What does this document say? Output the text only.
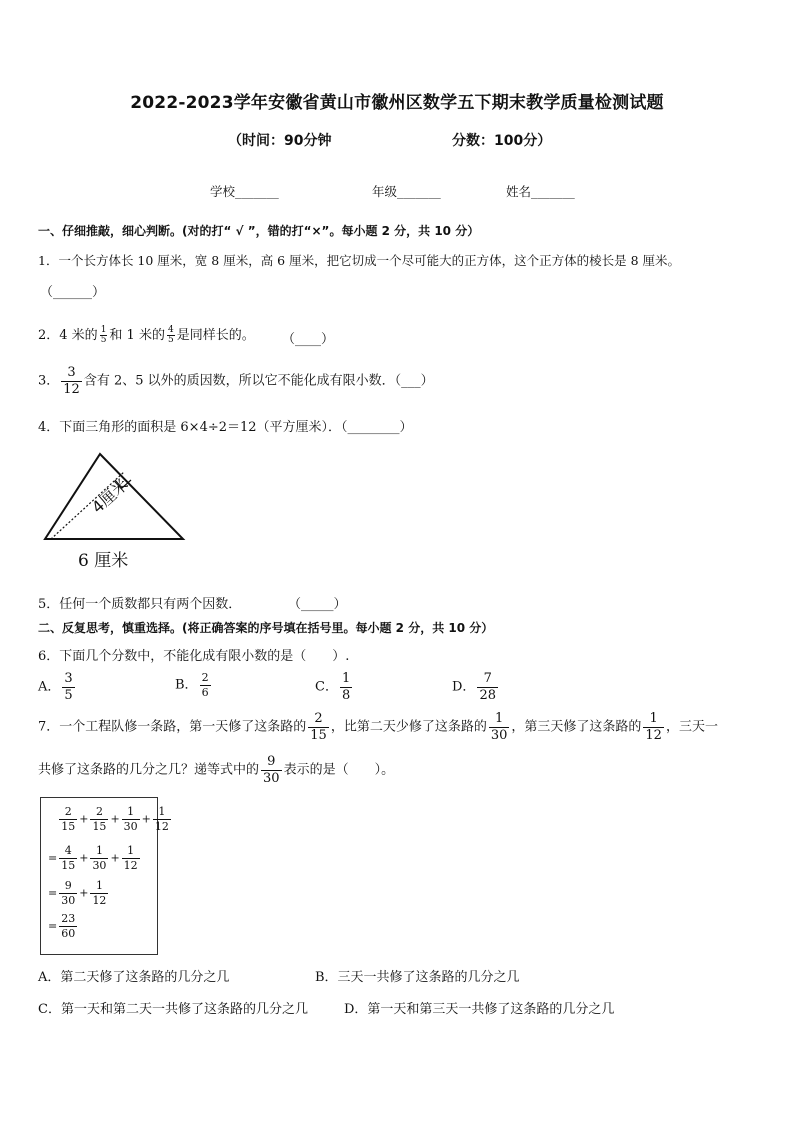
2022-2023学年安徽省黄山市徽州区数学五下期末教学质量检测试题
（时间：90分钟	分数：100分）
学校_______	年级_______	姓名_______
一、仔细推敲，细心判断。(对的打“ √ ”，错的打“×”。每小题 2 分，共 10 分）
1．一个长方体长 10 厘米，宽 8 厘米，高 6 厘米，把它切成一个尽可能大的正方体，这个正方体的棱长是 8 厘米。
（______）
2．4 米的 $\frac{1}{5}$ 和 1 米的 $\frac{4}{5}$ 是同样长的。 （____）
3． $\frac{3}{12}$ 含有 2、5 以外的质因数，所以它不能化成有限小数．（___）
4．下面三角形的面积是 6×4÷2＝12（平方厘米）．（________）
4厘米
6 厘米
5．任何一个质数都只有两个因数．	（_____）
二、反复思考，慎重选择。(将正确答案的序号填在括号里。每小题 2 分，共 10 分）
6．下面几个分数中，不能化成有限小数的是（　　）.
A． $\frac{3}{5}$	B． $\frac{2}{6}$	C． $\frac{1}{8}$	D． $\frac{7}{28}$
7．一个工程队修一条路，第一天修了这条路的 $\frac{2}{15}$ ，比第二天少修了这条路的 $\frac{1}{30}$ ，第三天修了这条路的 $\frac{1}{12}$ ，三天一
共修了这条路的几分之几？递等式中的 $\frac{9}{30}$ 表示的是（　　）。
$\frac{2}{15} + \frac{2}{15} + \frac{1}{30} + \frac{1}{12}$
= $\frac{4}{15} + \frac{1}{30} + \frac{1}{12}$
= $\frac{9}{30} + \frac{1}{12}$
= $\frac{23}{60}$
A．第二天修了这条路的几分之几	B．三天一共修了这条路的几分之几
C．第一天和第二天一共修了这条路的几分之几	D．第一天和第三天一共修了这条路的几分之几
